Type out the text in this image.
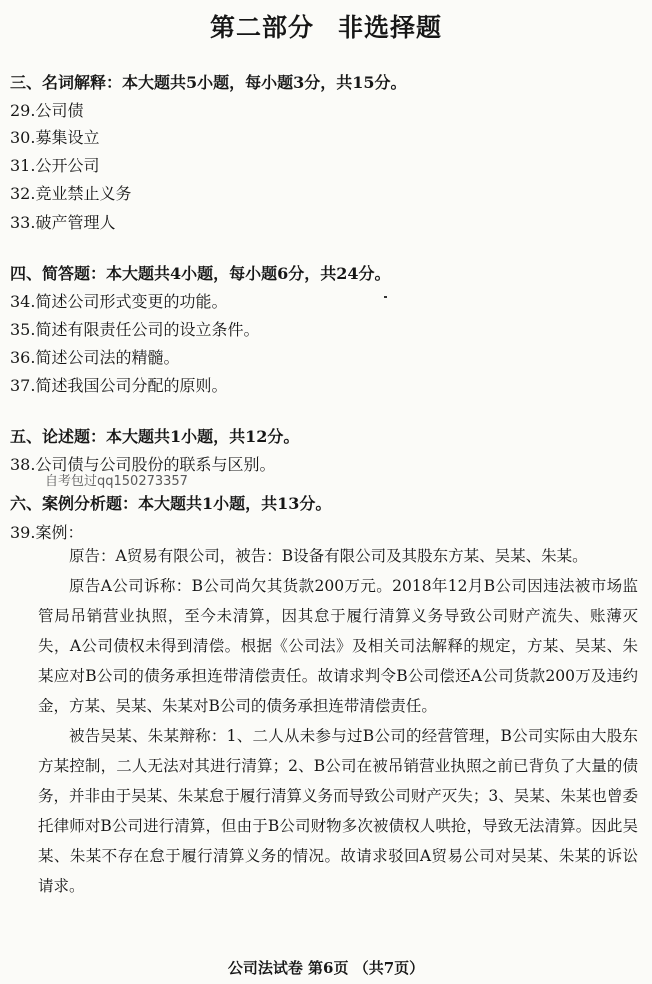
第二部分 非选择题
三、名词解释：本大题共5小题，每小题3分，共15分。
29.公司债
30.募集设立
31.公开公司
32.竞业禁止义务
33.破产管理人
四、简答题：本大题共4小题，每小题6分，共24分。
34.简述公司形式变更的功能。
35.简述有限责任公司的设立条件。
36.简述公司法的精髓。
37.简述我国公司分配的原则。
五、论述题：本大题共1小题，共12分。
38.公司债与公司股份的联系与区别。
自考包过qq150273357
六、案例分析题：本大题共1小题，共13分。
39.案例：
原告：A贸易有限公司，被告：B设备有限公司及其股东方某、吴某、朱某。
原告A公司诉称：B公司尚欠其货款200万元。2018年12月B公司因违法被市场监管局吊销营业执照，至今未清算，因其怠于履行清算义务导致公司财产流失、账薄灭失，A公司债权未得到清偿。根据《公司法》及相关司法解释的规定，方某、吴某、朱某应对B公司的债务承担连带清偿责任。故请求判令B公司偿还A公司货款200万及违约金，方某、吴某、朱某对B公司的债务承担连带清偿责任。
被告吴某、朱某辩称：1、二人从未参与过B公司的经营管理，B公司实际由大股东方某控制，二人无法对其进行清算；2、B公司在被吊销营业执照之前已背负了大量的债务，并非由于吴某、朱某怠于履行清算义务而导致公司财产灭失；3、吴某、朱某也曾委托律师对B公司进行清算，但由于B公司财物多次被债权人哄抢，导致无法清算。因此吴某、朱某不存在怠于履行清算义务的情况。故请求驳回A贸易公司对吴某、朱某的诉讼请求。
公司法试卷 第6页 （共7页）
